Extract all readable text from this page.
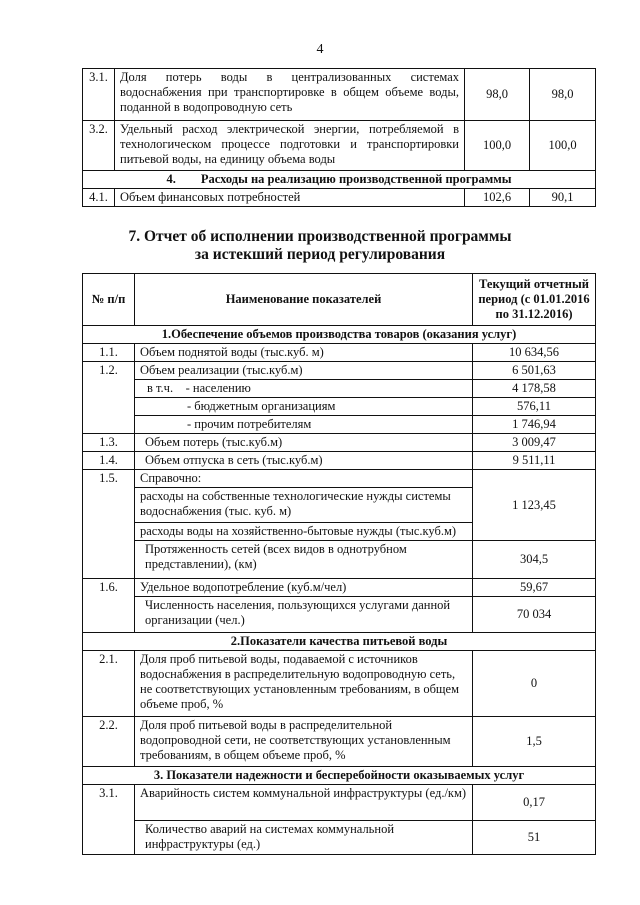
4
3.1.	Доля потерь воды в централизованных системах водоснабжения при транспортировке в общем объеме воды, поданной в водопроводную сеть	98,0	98,0
3.2.	Удельный расход электрической энергии, потребляемой в технологическом процессе подготовки и транспортировки питьевой воды, на единицу объема воды	100,0	100,0
4.        Расходы на реализацию производственной программы			
4.1.	Объем финансовых потребностей	102,6	90,1
7. Отчет об исполнении производственной программы
за истекший период регулирования
№ п/п	Наименование показателей	Текущий отчетный период (с 01.01.2016 по 31.12.2016)
1.Обеспечение объемов производства товаров (оказания услуг)		
1.1.	Объем поднятой воды (тыс.куб. м)	10 634,56
1.2.	Объем реализации (тыс.куб.м)	6 501,63
	в т.ч.    - населению	4 178,58
	- бюджетным организациям	576,11
	- прочим потребителям	1 746,94
1.3.	Объем потерь (тыс.куб.м)	3 009,47
1.4.	Объем отпуска в сеть (тыс.куб.м)	9 511,11
1.5.	Справочно:	1 123,45
	расходы на собственные технологические нужды системы водоснабжения (тыс. куб. м)	
	расходы воды на хозяйственно-бытовые нужды (тыс.куб.м)	
	Протяженность сетей (всех видов в однотрубном представлении), (км)	304,5
1.6.	Удельное водопотребление (куб.м/чел)	59,67
	Численность населения, пользующихся услугами данной организации (чел.)	70 034
2.Показатели качества питьевой воды		
2.1.	Доля проб питьевой воды, подаваемой с источников водоснабжения в распределительную водопроводную сеть, не соответствующих установленным требованиям, в общем объеме проб, %	0
2.2.	Доля проб питьевой воды в распределительной водопроводной сети, не соответствующих установленным требованиям, в общем объеме проб, %	1,5
3. Показатели надежности и бесперебойности оказываемых услуг		
3.1.	Аварийность систем коммунальной инфраструктуры (ед./км)	0,17
	Количество аварий на системах коммунальной инфраструктуры (ед.)	51
